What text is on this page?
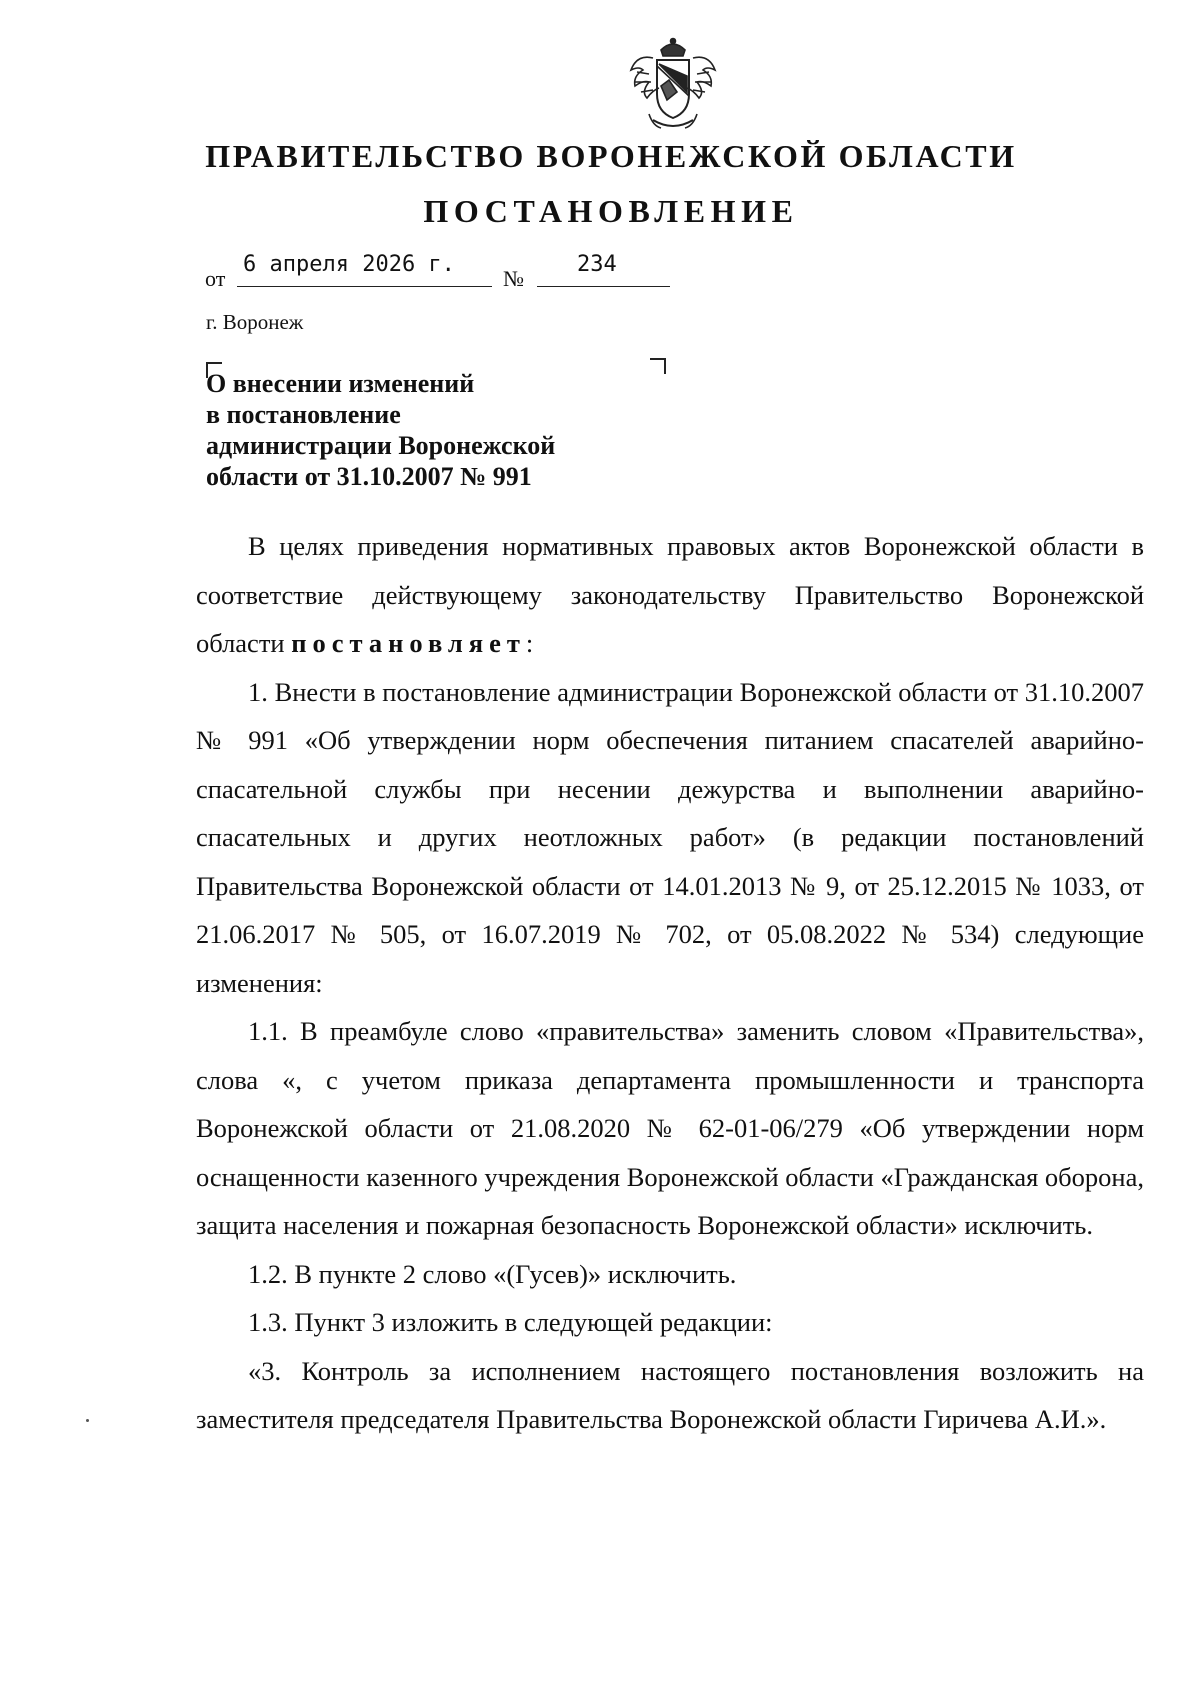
ПРАВИТЕЛЬСТВО ВОРОНЕЖСКОЙ ОБЛАСТИ
ПОСТАНОВЛЕНИЕ
от
6 апреля 2026 г.
№
234
г. Воронеж
О внесении изменений
в постановление
администрации Воронежской
области от 31.10.2007 № 991

В целях приведения нормативных правовых актов Воронежской области в соответствие действующему законодательству Правительство Воронежской области постановляет:

1. Внести в постановление администрации Воронежской области от 31.10.2007 № 991 «Об утверждении норм обеспечения питанием спасателей аварийно-спасательной службы при несении дежурства и выполнении аварийно-спасательных и других неотложных работ» (в редакции постановлений Правительства Воронежской области от 14.01.2013 № 9, от 25.12.2015 № 1033, от 21.06.2017 № 505, от 16.07.2019 № 702, от 05.08.2022 № 534) следующие изменения:

1.1. В преамбуле слово «правительства» заменить словом «Правительства», слова «, с учетом приказа департамента промышленности и транспорта Воронежской области от 21.08.2020 № 62-01-06/279 «Об утверждении норм оснащенности казенного учреждения Воронежской области «Гражданская оборона, защита населения и пожарная безопасность Воронежской области» исключить.

1.2. В пункте 2 слово «(Гусев)» исключить.

1.3. Пункт 3 изложить в следующей редакции:

«3. Контроль за исполнением настоящего постановления возложить на заместителя председателя Правительства Воронежской области Гиричева А.И.».
